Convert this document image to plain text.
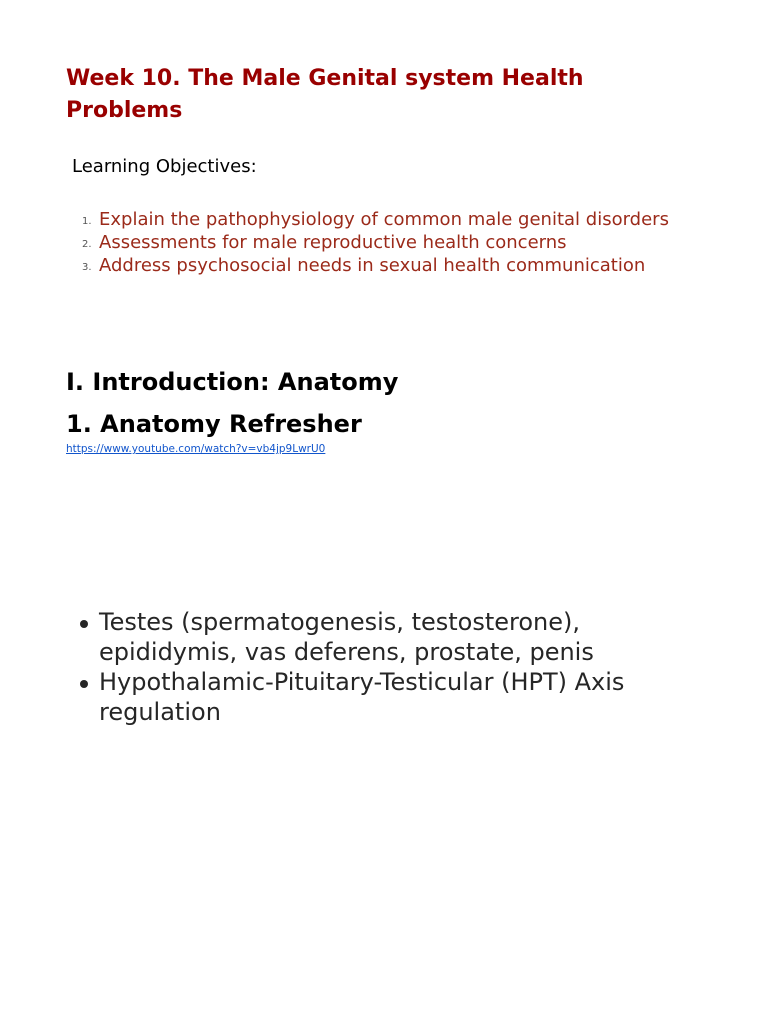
Week 10. The Male Genital system Health Problems

Learning Objectives:

1. Explain the pathophysiology of common male genital disorders
2. Assessments for male reproductive health concerns
3. Address psychosocial needs in sexual health communication
I. Introduction: Anatomy
1. Anatomy Refresher
https://www.youtube.com/watch?v=vb4jp9LwrU0
Testes (spermatogenesis, testosterone), epididymis, vas deferens, prostate, penis
Hypothalamic-Pituitary-Testicular (HPT) Axis regulation
